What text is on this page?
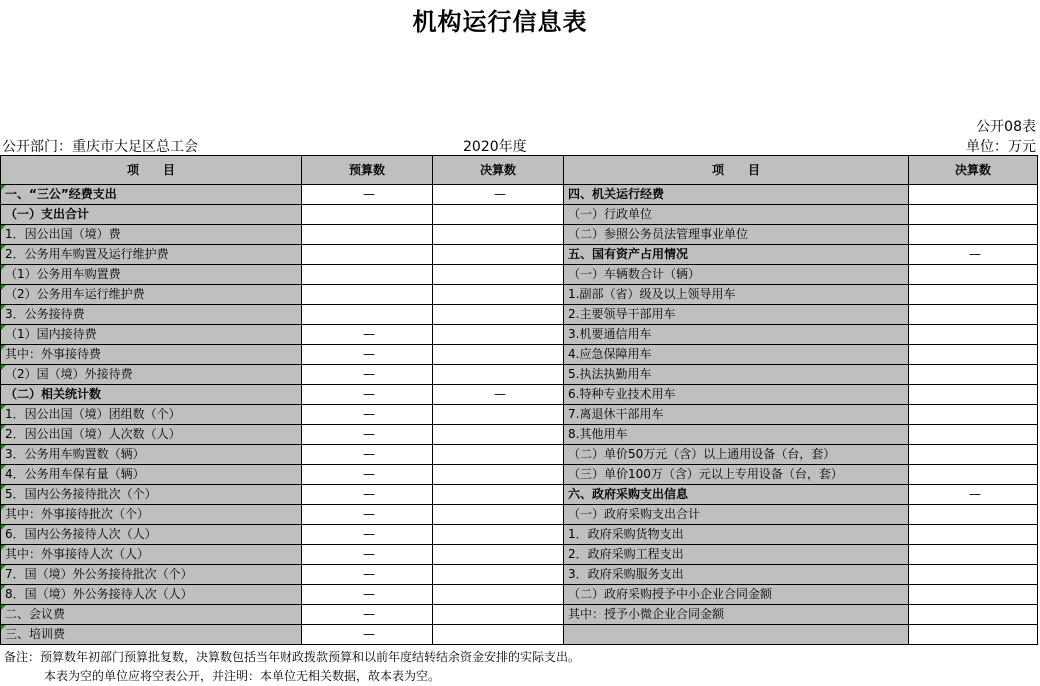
机构运行信息表
公开08表
公开部门：重庆市大足区总工会	2020年度	单位：万元
项　　目	预算数	决算数	项　　目	决算数

一、“三公”经费支出	—	—	四、机关运行经费	
（一）支出合计			（一）行政单位	

1．因公出国（境）费			（二）参照公务员法管理事业单位	

2．公务用车购置及运行维护费			五、国有资产占用情况	—

（1）公务用车购置费			（一）车辆数合计（辆）	

（2）公务用车运行维护费			1.副部（省）级及以上领导用车	

3．公务接待费			2.主要领导干部用车	

（1）国内接待费	—		3.机要通信用车	

其中：外事接待费	—		4.应急保障用车	

（2）国（境）外接待费	—		5.执法执勤用车	
（二）相关统计数	—	—	6.特种专业技术用车	

1．因公出国（境）团组数（个）	—		7.离退休干部用车	

2．因公出国（境）人次数（人）	—		8.其他用车	

3．公务用车购置数（辆）	—		（二）单价50万元（含）以上通用设备（台，套）	

4．公务用车保有量（辆）	—		（三）单价100万（含）元以上专用设备（台，套）	

5．国内公务接待批次（个）	—		六、政府采购支出信息	—

其中：外事接待批次（个）	—		（一）政府采购支出合计	

6．国内公务接待人次（人）	—		1．政府采购货物支出	

其中：外事接待人次（人）	—		2．政府采购工程支出	

7．国（境）外公务接待批次（个）	—		3．政府采购服务支出	

8．国（境）外公务接待人次（人）	—		（二）政府采购授予中小企业合同金额	

二、会议费	—		其中：授予小微企业合同金额	

三、培训费	—			
备注：预算数年初部门预算批复数，决算数包括当年财政拨款预算和以前年度结转结余资金安排的实际支出。
本表为空的单位应将空表公开，并注明：本单位无相关数据，故本表为空。
